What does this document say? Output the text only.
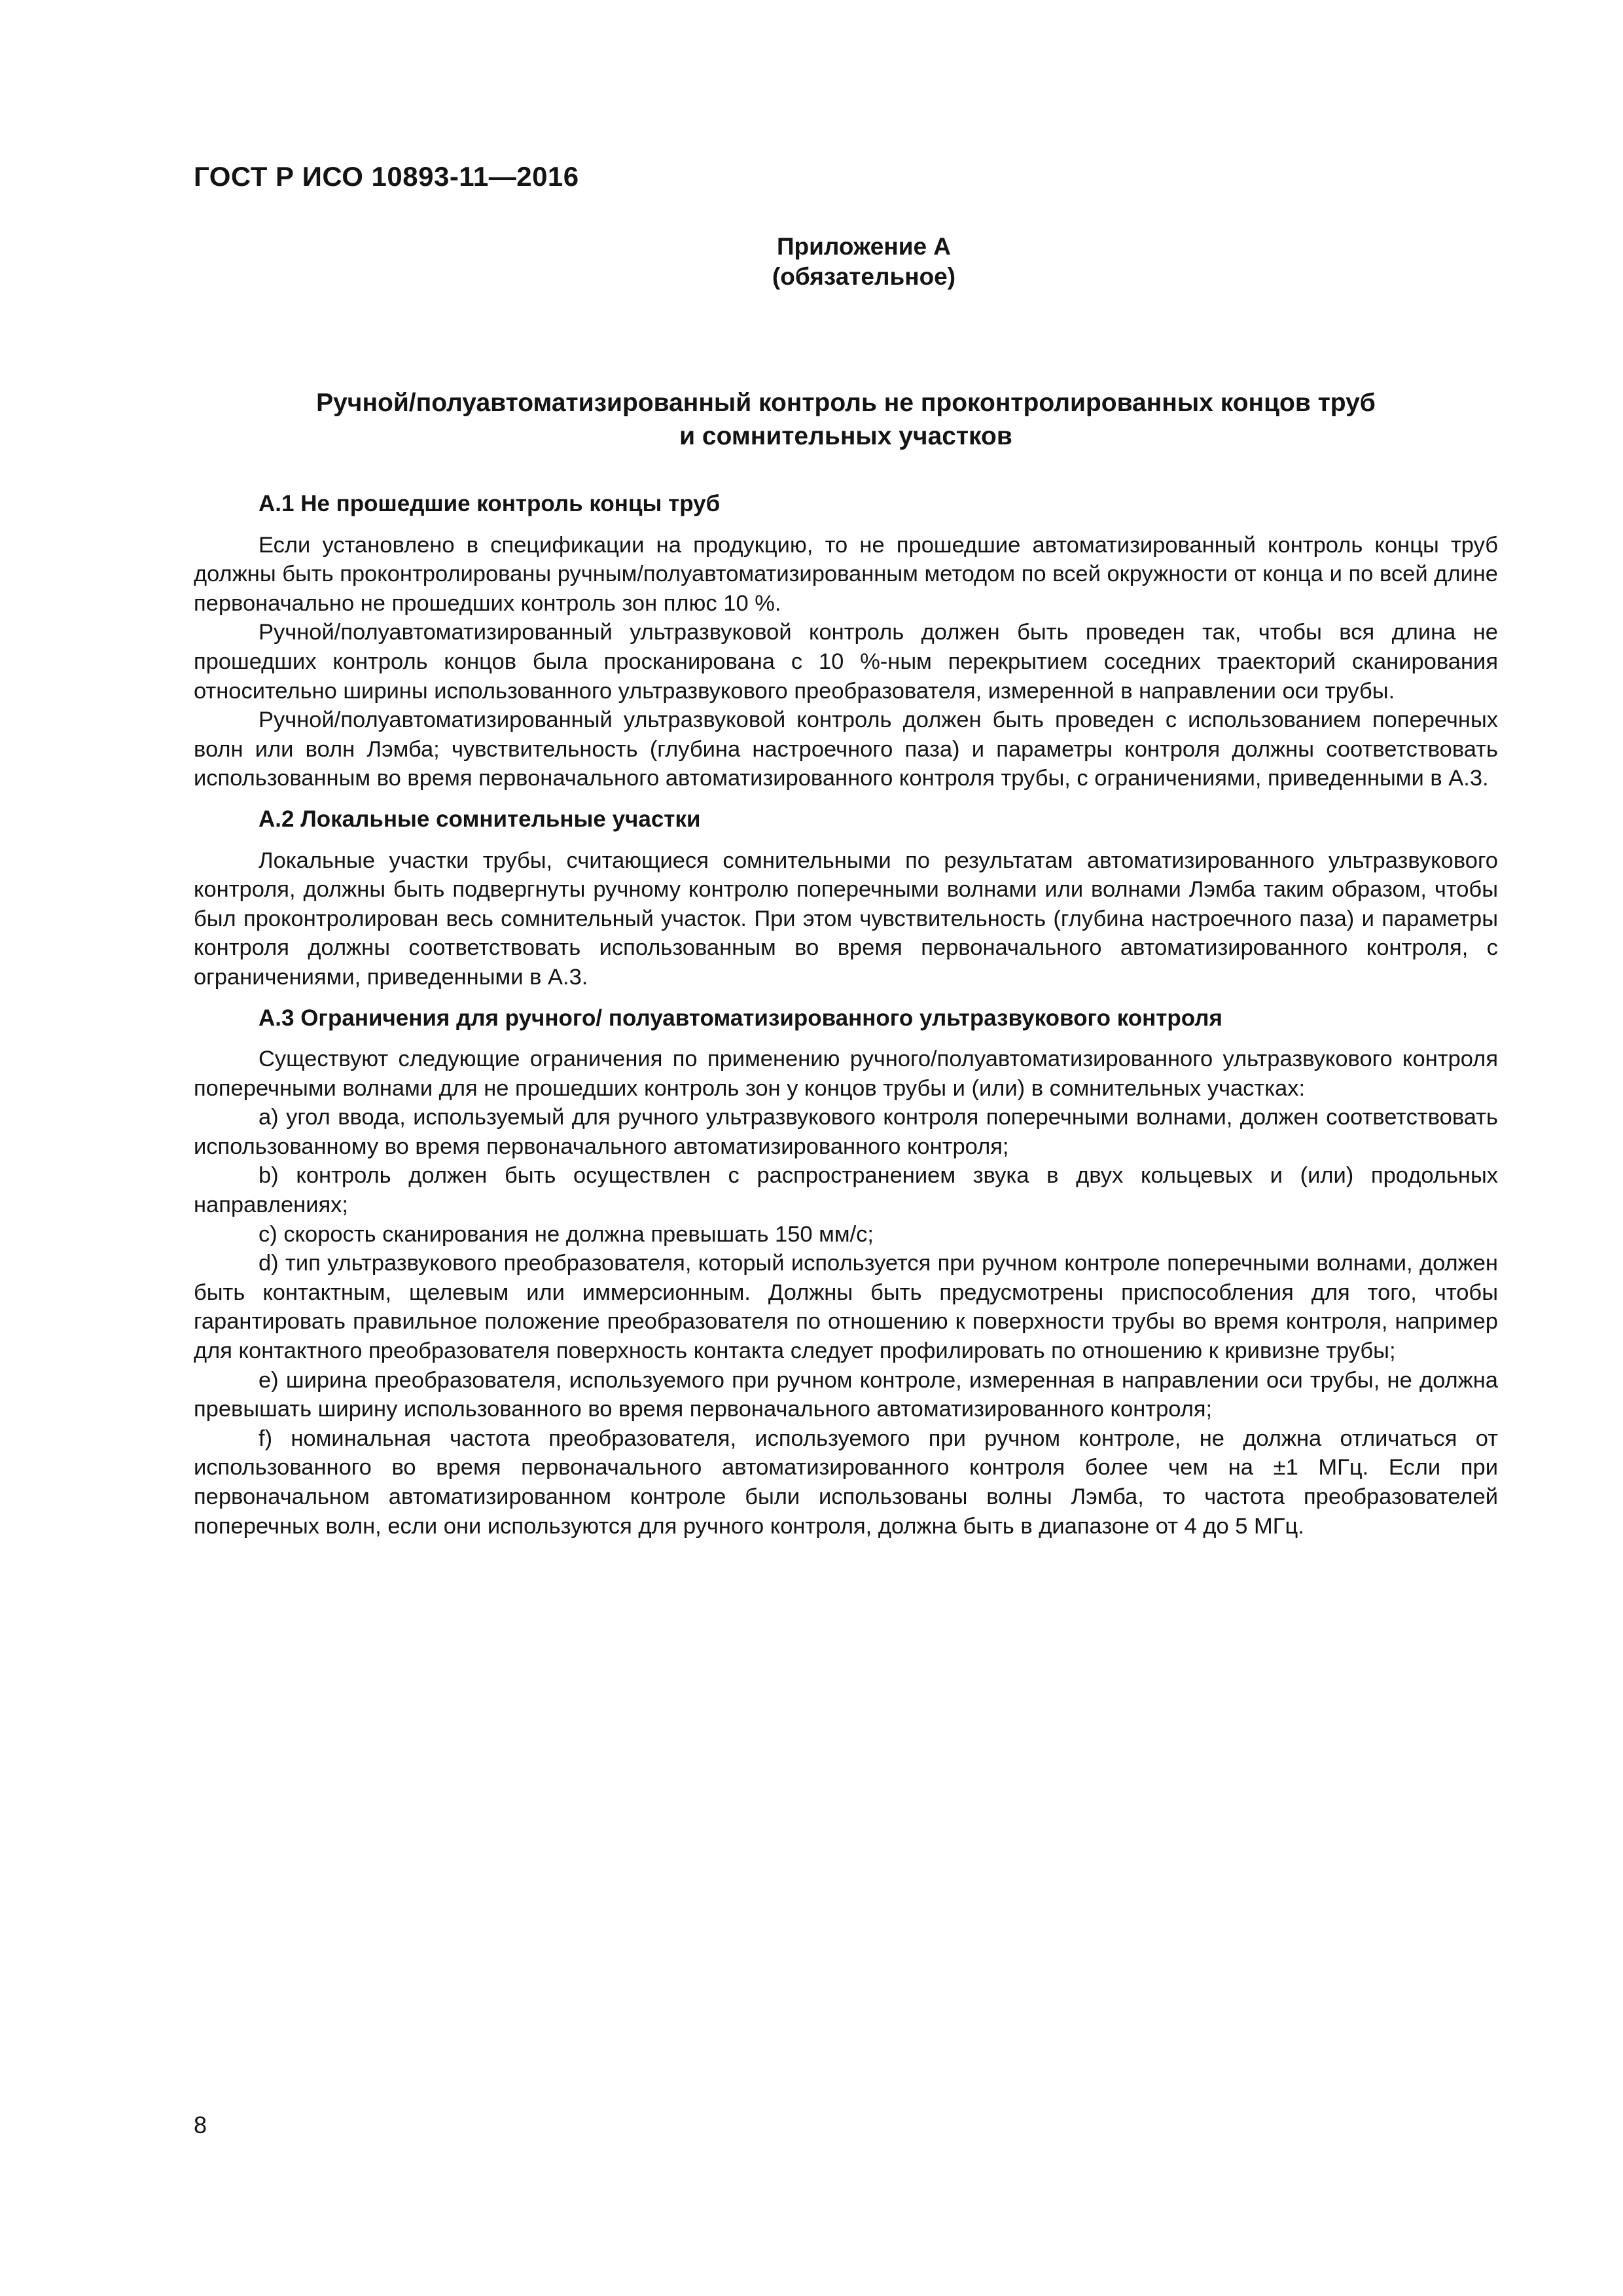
ГОСТ Р ИСО 10893-11—2016
Приложение А
(обязательное)
Ручной/полуавтоматизированный контроль не проконтролированных концов труб
и сомнительных участков
А.1 Не прошедшие контроль концы труб

Если установлено в спецификации на продукцию, то не прошедшие автоматизированный контроль концы труб должны быть проконтролированы ручным/полуавтоматизированным методом по всей окружности от конца и по всей длине первоначально не прошедших контроль зон плюс 10 %.

Ручной/полуавтоматизированный ультразвуковой контроль должен быть проведен так, чтобы вся длина не прошедших контроль концов была просканирована с 10 %-ным перекрытием соседних траекторий сканирования относительно ширины использованного ультразвукового преобразователя, измеренной в направлении оси трубы.

Ручной/полуавтоматизированный ультразвуковой контроль должен быть проведен с использованием поперечных волн или волн Лэмба; чувствительность (глубина настроечного паза) и параметры контроля должны соответствовать использованным во время первоначального автоматизированного контроля трубы, с ограничениями, приведенными в А.3.

А.2 Локальные сомнительные участки

Локальные участки трубы, считающиеся сомнительными по результатам автоматизированного ультразвукового контроля, должны быть подвергнуты ручному контролю поперечными волнами или волнами Лэмба таким образом, чтобы был проконтролирован весь сомнительный участок. При этом чувствительность (глубина настроечного паза) и параметры контроля должны соответствовать использованным во время первоначального автоматизированного контроля, с ограничениями, приведенными в А.3.

А.3 Ограничения для ручного/ полуавтоматизированного ультразвукового контроля

Существуют следующие ограничения по применению ручного/полуавтоматизированного ультразвукового контроля поперечными волнами для не прошедших контроль зон у концов трубы и (или) в сомнительных участках:

a) угол ввода, используемый для ручного ультразвукового контроля поперечными волнами, должен соответствовать использованному во время первоначального автоматизированного контроля;

b) контроль должен быть осуществлен с распространением звука в двух кольцевых и (или) продольных направлениях;

c) скорость сканирования не должна превышать 150 мм/с;

d) тип ультразвукового преобразователя, который используется при ручном контроле поперечными волнами, должен быть контактным, щелевым или иммерсионным. Должны быть предусмотрены приспособления для того, чтобы гарантировать правильное положение преобразователя по отношению к поверхности трубы во время контроля, например для контактного преобразователя поверхность контакта следует профилировать по отношению к кривизне трубы;

e) ширина преобразователя, используемого при ручном контроле, измеренная в направлении оси трубы, не должна превышать ширину использованного во время первоначального автоматизированного контроля;

f) номинальная частота преобразователя, используемого при ручном контроле, не должна отличаться от использованного во время первоначального автоматизированного контроля более чем на ±1 МГц. Если при первоначальном автоматизированном контроле были использованы волны Лэмба, то частота преобразователей поперечных волн, если они используются для ручного контроля, должна быть в диапазоне от 4 до 5 МГц.

8
